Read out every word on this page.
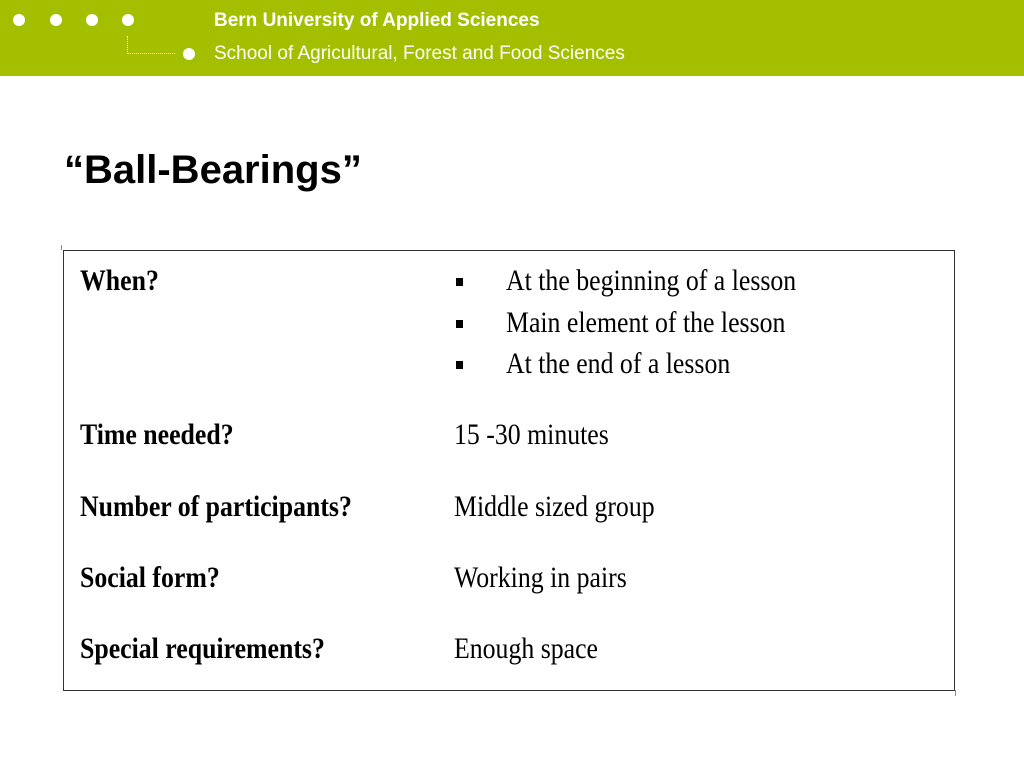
Bern University of Applied Sciences
School of Agricultural, Forest and Food Sciences
“Ball-Bearings”
When?	At the beginning of a lesson
Main element of the lesson
At the end of a lesson
Time needed?	15 -30 minutes
Number of participants?	Middle sized group
Social form?	Working in pairs
Special requirements?	Enough space
